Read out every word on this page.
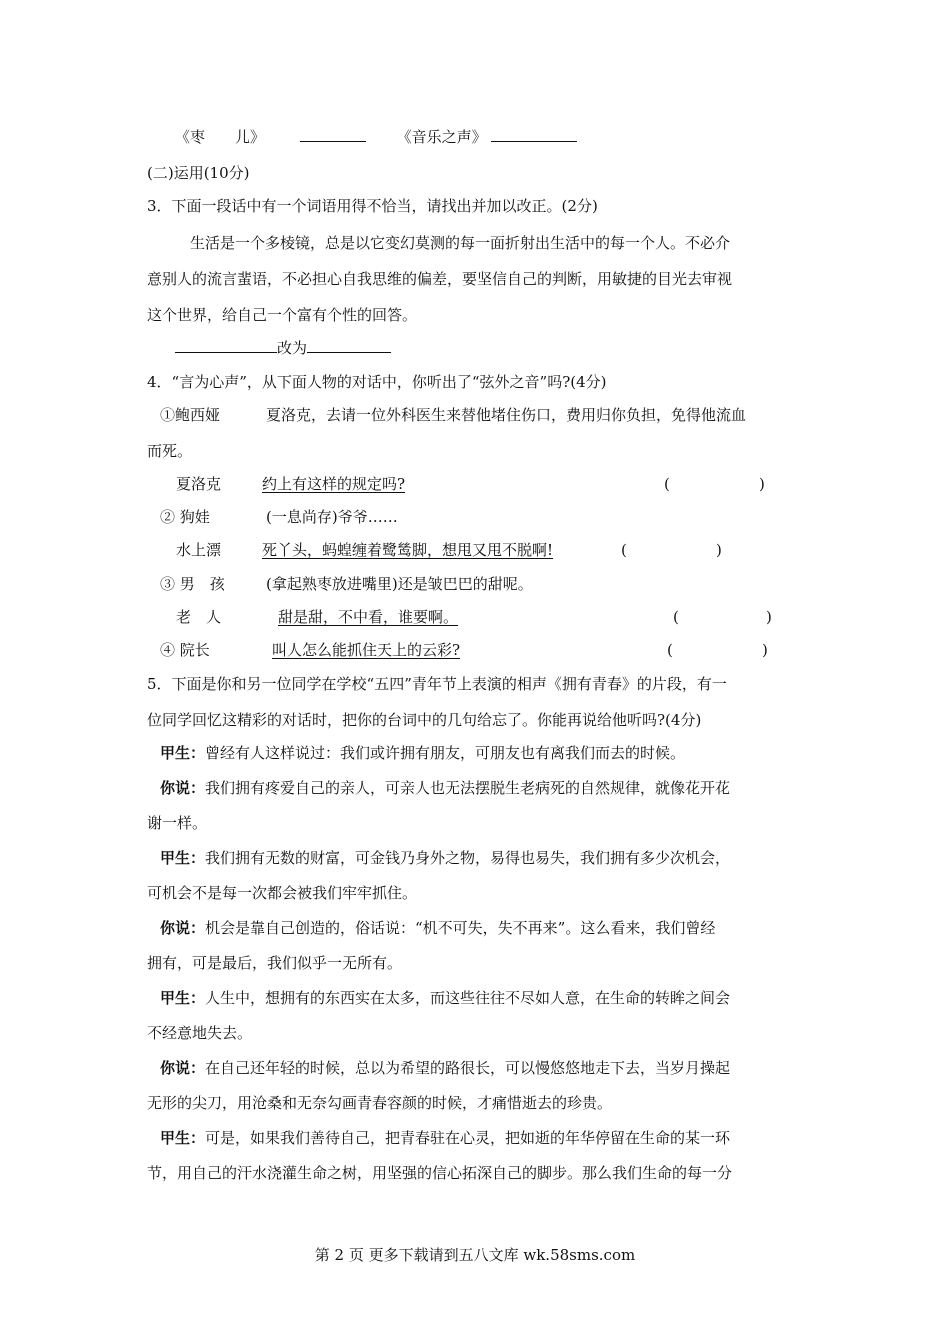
《枣　　儿》	《音乐之声》
(二)运用(10分)
3．下面一段话中有一个词语用得不恰当，请找出并加以改正。(2分)
生活是一个多棱镜，总是以它变幻莫测的每一面折射出生活中的每一个人。不必介
意别人的流言蜚语，不必担心自我思维的偏差，要坚信自己的判断，用敏捷的目光去审视
这个世界，给自己一个富有个性的回答。
改为
4．“言为心声”，从下面人物的对话中，你听出了“弦外之音”吗?(4分)
①鲍西娅	夏洛克，去请一位外科医生来替他堵住伤口，费用归你负担，免得他流血
而死。
夏洛克	约上有这样的规定吗?	(	)
② 狗娃	(一息尚存)爷爷……
水上漂	死丫头，蚂蝗缠着鹭鸶脚，想甩又甩不脱啊!	(	)
③ 男　孩	(拿起熟枣放进嘴里)还是皱巴巴的甜呢。
老　人	甜是甜，不中看，谁要啊。	(	)
④ 院长	叫人怎么能抓住天上的云彩?	(	)
5．下面是你和另一位同学在学校“五四”青年节上表演的相声《拥有青春》的片段，有一
位同学回忆这精彩的对话时，把你的台词中的几句给忘了。你能再说给他听吗?(4分)
甲生：曾经有人这样说过：我们或许拥有朋友，可朋友也有离我们而去的时候。
你说：我们拥有疼爱自己的亲人，可亲人也无法摆脱生老病死的自然规律，就像花开花
谢一样。
甲生：我们拥有无数的财富，可金钱乃身外之物，易得也易失，我们拥有多少次机会，
可机会不是每一次都会被我们牢牢抓住。
你说：机会是靠自己创造的，俗话说：“机不可失，失不再来”。这么看来，我们曾经
拥有，可是最后，我们似乎一无所有。
甲生：人生中，想拥有的东西实在太多，而这些往往不尽如人意，在生命的转眸之间会
不经意地失去。
你说：在自己还年轻的时候，总以为希望的路很长，可以慢悠悠地走下去，当岁月操起
无形的尖刀，用沧桑和无奈勾画青春容颜的时候，才痛惜逝去的珍贵。
甲生：可是，如果我们善待自己，把青春驻在心灵，把如逝的年华停留在生命的某一环
节，用自己的汗水浇灌生命之树，用坚强的信心拓深自己的脚步。那么我们生命的每一分
第 2 页 更多下载请到五八文库 wk.58sms.com
